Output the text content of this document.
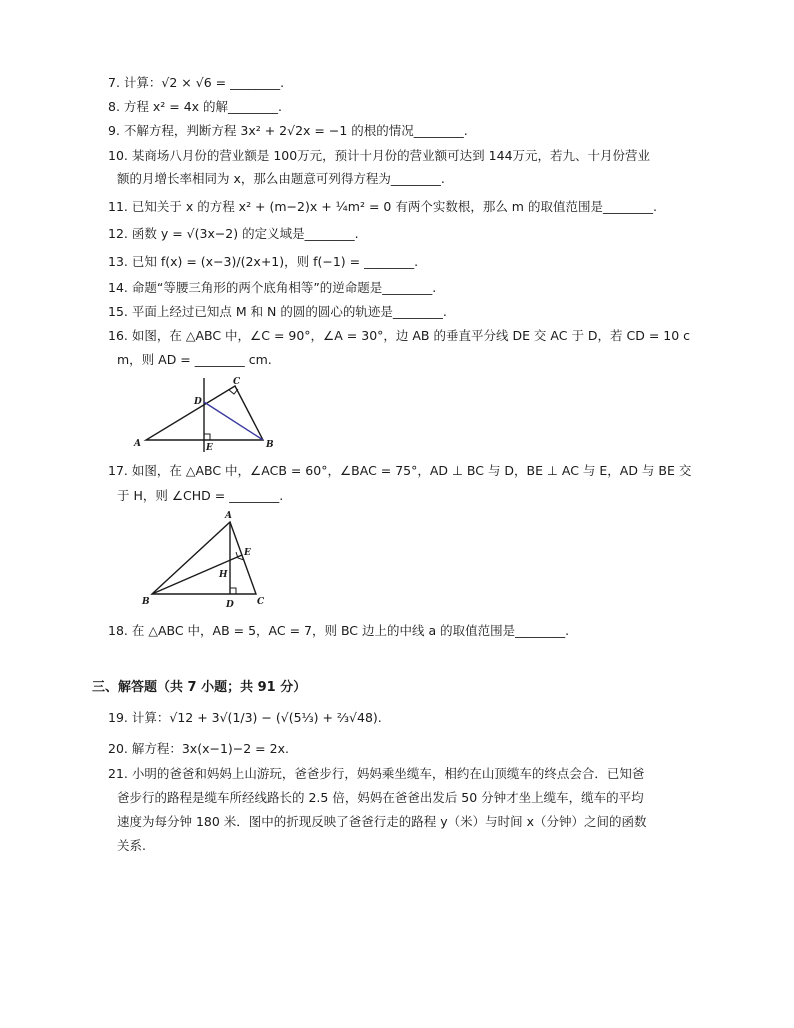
7. 计算：√2 × √6 = ________.
8. 方程 x² = 4x 的解________.
9. 不解方程，判断方程 3x² + 2√2x = −1 的根的情况________.
10. 某商场八月份的营业额是 100万元，预计十月份的营业额可达到 144万元，若九、十月份营业
额的月增长率相同为 x，那么由题意可列得方程为________.
11. 已知关于 x 的方程 x² + (m−2)x + ¼m² = 0 有两个实数根，那么 m 的取值范围是________.
12. 函数 y = √(3x−2) 的定义域是________.
13. 已知 f(x) = (x−3)/(2x+1)，则 f(−1) = ________.
14. 命题“等腰三角形的两个底角相等”的逆命题是________.
15. 平面上经过已知点 M 和 N 的圆的圆心的轨迹是________.
16. 如图，在 △ABC 中，∠C = 90°，∠A = 30°，边 AB 的垂直平分线 DE 交 AC 于 D，若 CD = 10 c
m，则 AD = ________ cm.
A	B
C
D
E
17. 如图，在 △ABC 中，∠ACB = 60°，∠BAC = 75°，AD ⊥ BC 与 D，BE ⊥ AC 与 E，AD 与 BE 交
于 H，则 ∠CHD = ________.
A
B	C
D
E
H
18. 在 △ABC 中，AB = 5，AC = 7，则 BC 边上的中线 a 的取值范围是________.
三、解答题（共 7 小题；共 91 分）
19. 计算：√12 + 3√(1/3) − (√(5⅓) + ⅔√48).
20. 解方程：3x(x−1)−2 = 2x.
21. 小明的爸爸和妈妈上山游玩，爸爸步行，妈妈乘坐缆车，相约在山顶缆车的终点会合．已知爸
爸步行的路程是缆车所经线路长的 2.5 倍，妈妈在爸爸出发后 50 分钟才坐上缆车，缆车的平均
速度为每分钟 180 米．图中的折现反映了爸爸行走的路程 y（米）与时间 x（分钟）之间的函数
关系.
